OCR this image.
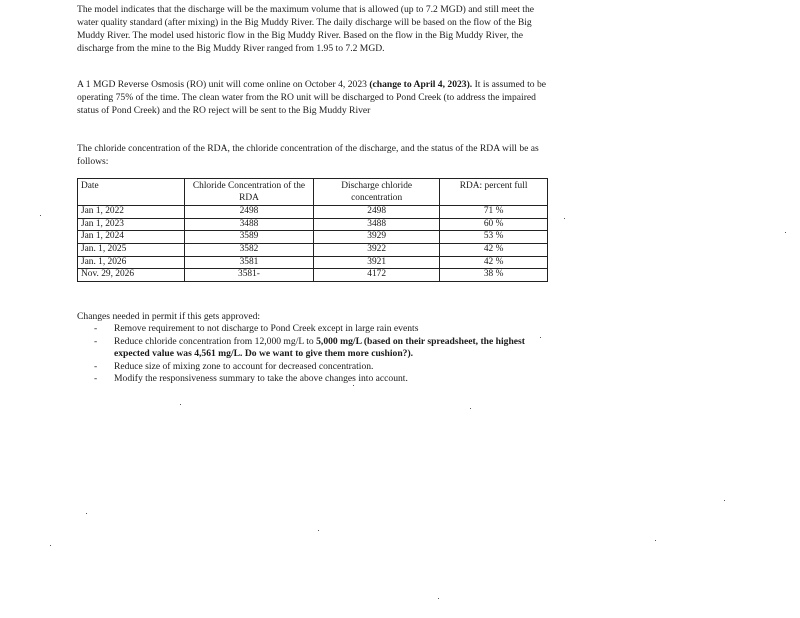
The model indicates that the discharge will be the maximum volume that is allowed (up to 7.2 MGD) and still meet the water quality standard (after mixing) in the Big Muddy River. The daily discharge will be based on the flow of the Big Muddy River. The model used historic flow in the Big Muddy River. Based on the flow in the Big Muddy River, the discharge from the mine to the Big Muddy River ranged from 1.95 to 7.2 MGD.

A 1 MGD Reverse Osmosis (RO) unit will come online on October 4, 2023 (change to April 4, 2023). It is assumed to be operating 75% of the time. The clean water from the RO unit will be discharged to Pond Creek (to address the impaired status of Pond Creek) and the RO reject will be sent to the Big Muddy River

The chloride concentration of the RDA, the chloride concentration of the discharge, and the status of the RDA will be as follows:

Date	Chloride Concentration of the RDA	Discharge chloride concentration	RDA: percent full
Jan 1, 2022	2498	2498	71 %
Jan 1, 2023	3488	3488	60 %
Jan 1, 2024	3589	3929	53 %
Jan. 1, 2025	3582	3922	42 %
Jan. 1, 2026	3581	3921	42 %
Nov. 29, 2026	3581-	4172	38 %

Changes needed in permit if this gets approved:

- Remove requirement to not discharge to Pond Creek except in large rain events
- Reduce chloride concentration from 12,000 mg/L to 5,000 mg/L (based on their spreadsheet, the highest expected value was 4,561 mg/L. Do we want to give them more cushion?).
- Reduce size of mixing zone to account for decreased concentration.
- Modify the responsiveness summary to take the above changes into account.
